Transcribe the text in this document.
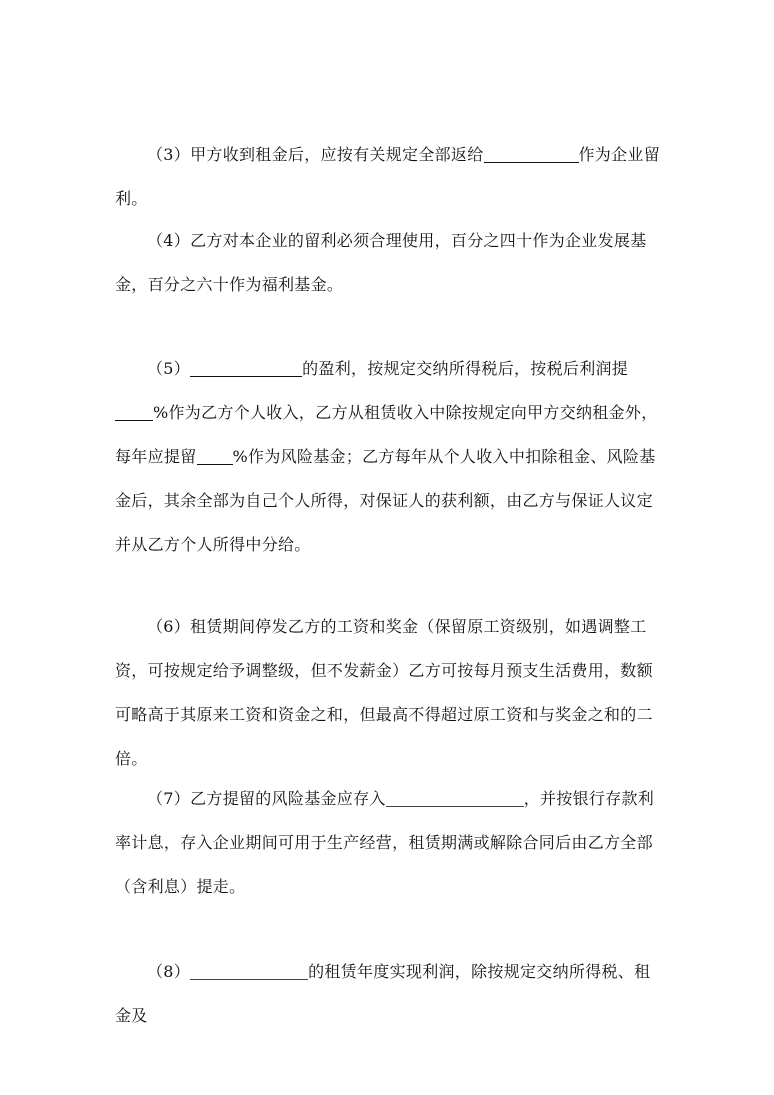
（3）甲方收到租金后，应按有关规定全部返给	作为企业留利。

（4）乙方对本企业的留利必须合理使用，百分之四十作为企业发展基金，百分之六十作为福利基金。

（5）	的盈利，按规定交纳所得税后，按税后利润提%作为乙方个人收入，乙方从租赁收入中除按规定向甲方交纳租金外，每年应提留 %作为风险基金；乙方每年从个人收入中扣除租金、风险基金后，其余全部为自己个人所得，对保证人的获利额，由乙方与保证人议定并从乙方个人所得中分给。

（6）租赁期间停发乙方的工资和奖金（保留原工资级别，如遇调整工资，可按规定给予调整级，但不发薪金）乙方可按每月预支生活费用，数额可略高于其原来工资和资金之和，但最高不得超过原工资和与奖金之和的二倍。

（7）乙方提留的风险基金应存入	，并按银行存款利率计息，存入企业期间可用于生产经营，租赁期满或解除合同后由乙方全部（含利息）提走。

（8）	的租赁年度实现利润，除按规定交纳所得税、租金及
